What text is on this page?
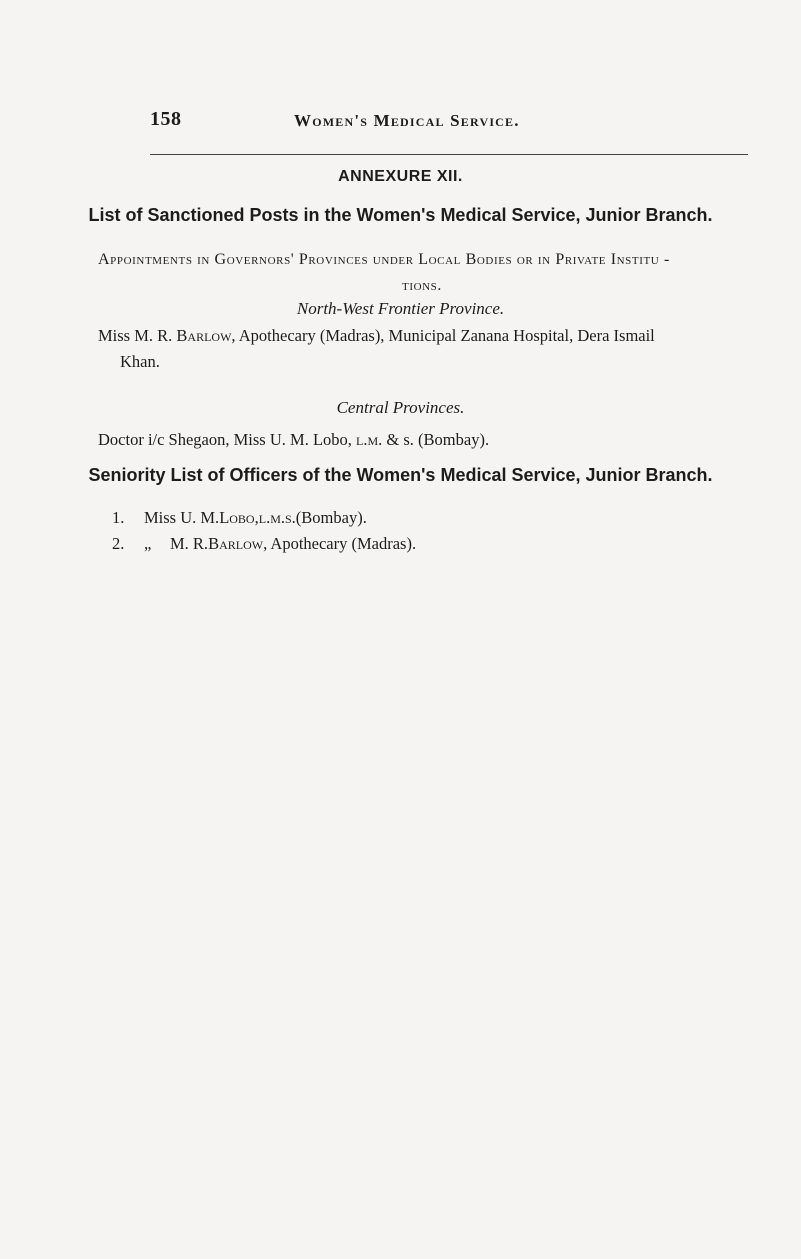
158	Women's Medical Service.
ANNEXURE XII.
List of Sanctioned Posts in the Women's Medical Service, Junior Branch.
Appointments in Governors' Provinces under Local Bodies or in Private Institu -
tions.
North-West Frontier Province.
Miss M. R. Barlow, Apothecary (Madras), Municipal Zanana Hospital, Dera Ismail
Khan.
Central Provinces.
Doctor i/c Shegaon, Miss U. M. Lobo, l.m. & s. (Bombay).
Seniority List of Officers of the Women's Medical Service, Junior Branch.
1.	Miss U. M. Lobo , l.m.s. (Bombay).
2.	„	M. R. Barlow , Apothecary (Madras).
